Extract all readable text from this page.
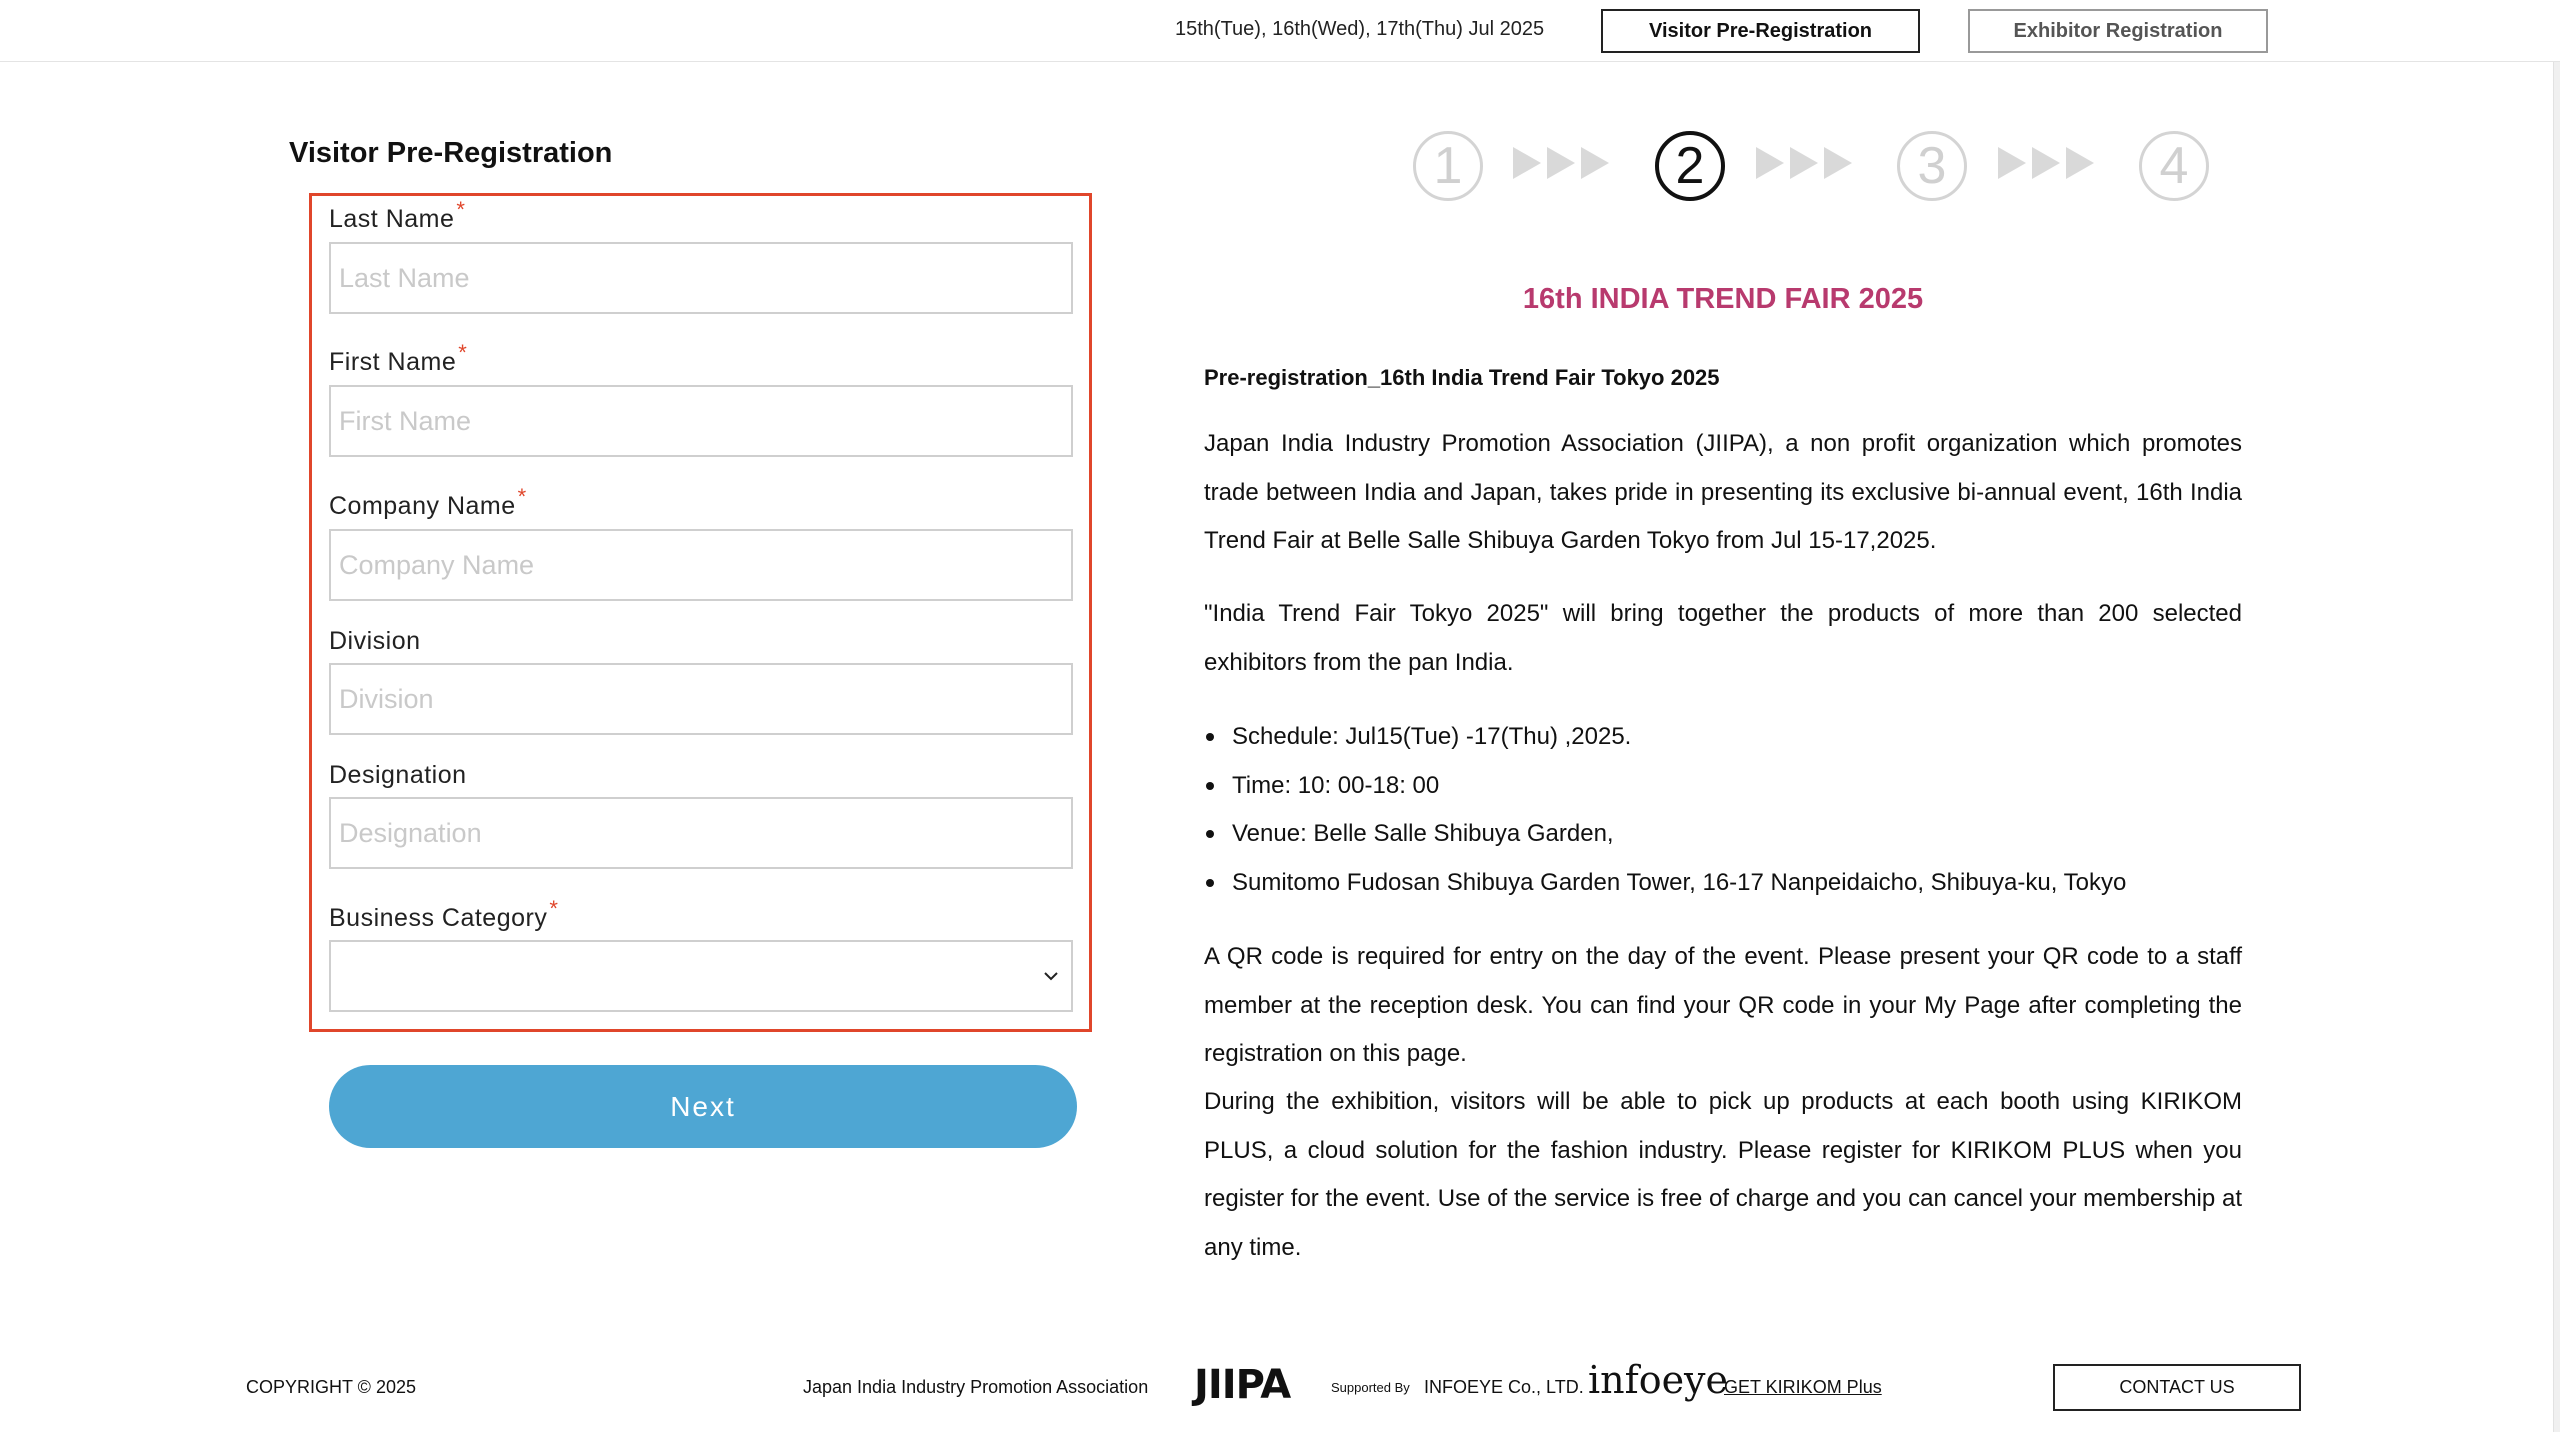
15th(Tue), 16th(Wed), 17th(Thu) Jul 2025	Visitor Pre-Registration	Exhibitor Registration
Visitor Pre-Registration
Last Name*
Last Name
First Name*
First Name
Company Name*
Company Name
Division
Division
Designation
Designation
Business Category*
Next
1	2	3	4
16th INDIA TREND FAIR 2025
Pre-registration_16th India Trend Fair Tokyo 2025

Japan India Industry Promotion Association (JIIPA), a non profit organization which promotes trade between India and Japan, takes pride in presenting its exclusive bi-annual event, 16th India Trend Fair at Belle Salle Shibuya Garden Tokyo from Jul 15-17,2025.

"India Trend Fair Tokyo 2025" will bring together the products of more than 200 selected exhibitors from the pan India.

Schedule: Jul15(Tue) -17(Thu) ,2025.
Time: 10: 00-18: 00
Venue: Belle Salle Shibuya Garden,
Sumitomo Fudosan Shibuya Garden Tower, 16-17 Nanpeidaicho, Shibuya-ku, Tokyo

A QR code is required for entry on the day of the event. Please present your QR code to a staff member at the reception desk. You can find your QR code in your My Page after completing the registration on this page.

During the exhibition, visitors will be able to pick up products at each booth using KIRIKOM PLUS, a cloud solution for the fashion industry. Please register for KIRIKOM PLUS when you register for the event. Use of the service is free of charge and you can cancel your membership at any time.

COPYRIGHT © 2025	Japan India Industry Promotion Association JIIPA	Supported By INFOEYE Co., LTD. infoeye
GET KIRIKOM Plus	CONTACT US
